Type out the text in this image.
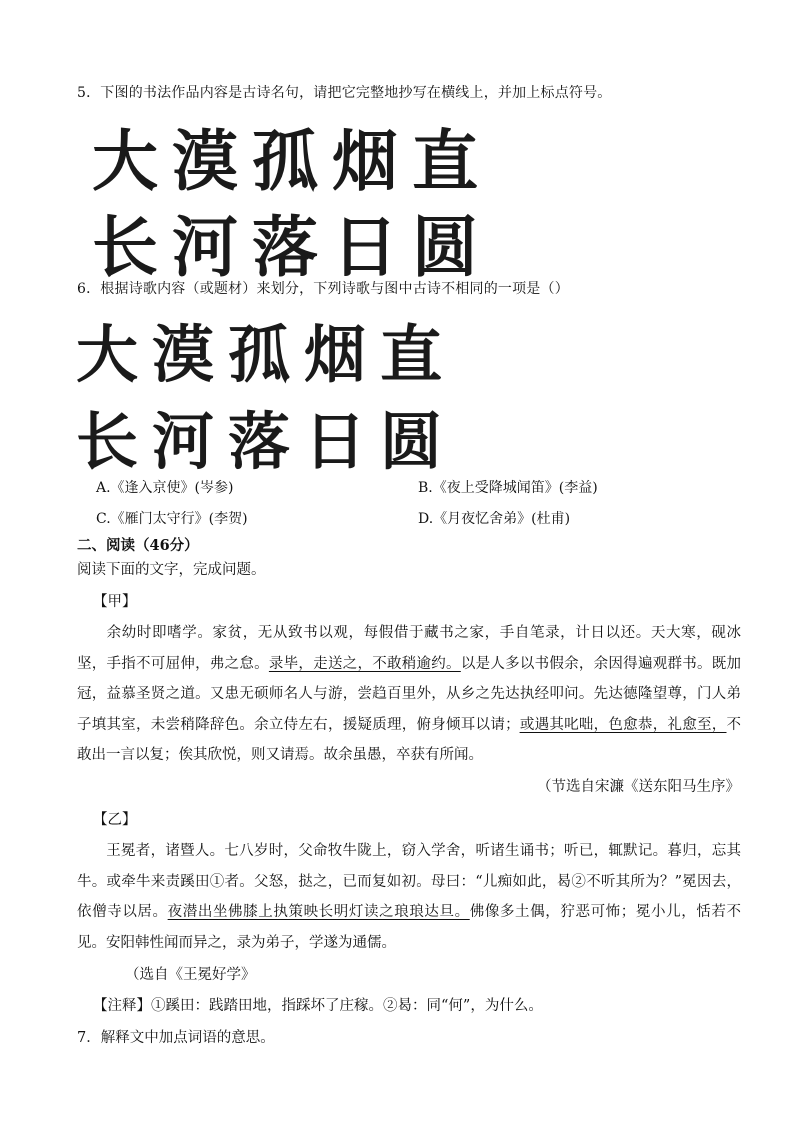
5．下图的书法作品内容是古诗名句，请把它完整地抄写在横线上，并加上标点符号。
大漠孤烟直
长河落日圆
6．根据诗歌内容（或题材）来划分，下列诗歌与图中古诗不相同的一项是（）
大漠孤烟直
长河落日圆
A.《逢入京使》(岑参)	B.《夜上受降城闻笛》(李益)
C.《雁门太守行》(李贺)	D.《月夜忆舍弟》(杜甫)
二、阅读（46分）
阅读下面的文字，完成问题。
【甲】
余幼时即嗜学。家贫，无从致书以观，每假借于藏书之家，手自笔录，计日以还。天大寒，砚冰坚，手指不可屈伸，弗之怠。录毕，走送之，不敢稍逾约。以是人多以书假余，余因得遍观群书。既加冠，益慕圣贤之道。又患无硕师名人与游，尝趋百里外，从乡之先达执经叩问。先达德隆望尊，门人弟子填其室，未尝稍降辞色。余立侍左右，援疑质理，俯身倾耳以请；或遇其叱咄，色愈恭，礼愈至，不敢出一言以复；俟其欣悦，则又请焉。故余虽愚，卒获有所闻。
（节选自宋濂《送东阳马生序》
【乙】
王冕者，诸暨人。七八岁时，父命牧牛陇上，窃入学舍，听诸生诵书；听已，辄默记。暮归，忘其牛。或牵牛来责蹊田①者。父怒，挞之，已而复如初。母曰：“儿痴如此，曷②不听其所为？”冕因去，依僧寺以居。夜潜出坐佛膝上执策映长明灯读之琅琅达旦。佛像多土偶，狞恶可怖；冕小儿，恬若不见。安阳韩性闻而异之，录为弟子，学遂为通儒。
（选自《王冕好学》
【注释】①蹊田：践踏田地，指踩坏了庄稼。②曷：同“何”，为什么。
7．解释文中加点词语的意思。
